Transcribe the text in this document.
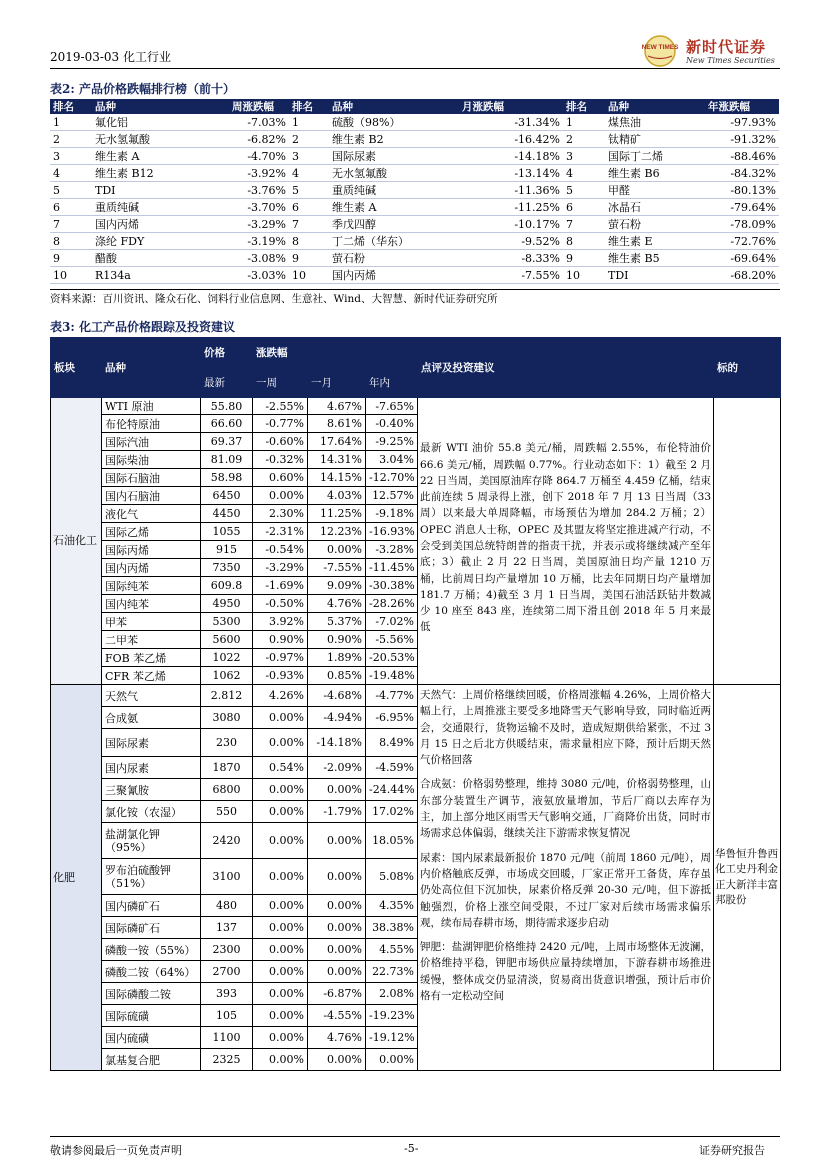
2019-03-03 化工行业
NEW TIMES 新时代证券
New Times Securities
表2: 产品价格跌幅排行榜（前十）
排名	品种	周涨跌幅	排名	品种	月涨跌幅	排名	品种	年涨跌幅
1	氟化铝	-7.03%	1	硫酸（98%）	-31.34%	1	煤焦油	-97.93%
2	无水氢氟酸	-6.82%	2	维生素 B2	-16.42%	2	钛精矿	-91.32%
3	维生素 A	-4.70%	3	国际尿素	-14.18%	3	国际丁二烯	-88.46%
4	维生素 B12	-3.92%	4	无水氢氟酸	-13.14%	4	维生素 B6	-84.32%
5	TDI	-3.76%	5	重质纯碱	-11.36%	5	甲醛	-80.13%
6	重质纯碱	-3.70%	6	维生素 A	-11.25%	6	冰晶石	-79.64%
7	国内丙烯	-3.29%	7	季戊四醇	-10.17%	7	萤石粉	-78.09%
8	涤纶 FDY	-3.19%	8	丁二烯（华东）	-9.52%	8	维生素 E	-72.76%
9	醋酸	-3.08%	9	萤石粉	-8.33%	9	维生素 B5	-69.64%
10	R134a	-3.03%	10	国内丙烯	-7.55%	10	TDI	-68.20%
资料来源：百川资讯、隆众石化、饲料行业信息网、生意社、Wind、大智慧、新时代证券研究所
表3: 化工产品价格跟踪及投资建议
板块	品种	价格	涨跌幅			点评及投资建议	标的
		最新	一周	一月	年内		
石油化工	WTI 原油	55.80	-2.55%	4.67%	-7.65%	最新 WTI 油价 55.8 美元/桶，周跌幅 2.55%，布伦特油价 66.6 美元/桶，周跌幅 0.77%。行业动态如下：1）截至 2 月 22 日当周，美国原油库存降 864.7 万桶至 4.459 亿桶，结束此前连续 5 周录得上涨，创下 2018 年 7 月 13 日当周（33 周）以来最大单周降幅，市场预估为增加 284.2 万桶；2）OPEC 消息人士称，OPEC 及其盟友将坚定推进减产行动，不会受到美国总统特朗普的指责干扰，并表示或将继续减产至年底；3）截止 2 月 22 日当周，美国原油日均产量 1210 万桶，比前周日均产量增加 10 万桶，比去年同期日均产量增加 181.7 万桶；4)截至 3 月 1 日当周，美国石油活跃钻井数减少 10 座至 843 座，连续第二周下滑且创 2018 年 5 月来最低	

	布伦特原油	66.60	-0.77%	8.61%	-0.40%		
	国际汽油	69.37	-0.60%	17.64%	-9.25%		
	国际柴油	81.09	-0.32%	14.31%	3.04%		
	国际石脑油	58.98	0.60%	14.15%	-12.70%		
	国内石脑油	6450	0.00%	4.03%	12.57%		
	液化气	4450	2.30%	11.25%	-9.18%		
	国际乙烯	1055	-2.31%	12.23%	-16.93%		
	国际丙烯	915	-0.54%	0.00%	-3.28%		
	国内丙烯	7350	-3.29%	-7.55%	-11.45%		
	国际纯苯	609.8	-1.69%	9.09%	-30.38%		
	国内纯苯	4950	-0.50%	4.76%	-28.26%		
	甲苯	5300	3.92%	5.37%	-7.02%		
	二甲苯	5600	0.90%	0.90%	-5.56%		
	FOB 苯乙烯	1022	-0.97%	1.89%	-20.53%		
	CFR 苯乙烯	1062	-0.93%	0.85%	-19.48%		
化肥	天然气	2.812	4.26%	-4.68%	-4.77%	天然气：上周价格继续回暖，价格周涨幅 4.26%，上周价格大幅上行，上周推涨主要受多地降雪天气影响导致，同时临近两会，交通限行，货物运输不及时，造成短期供给紧张，不过 3 月 15 日之后北方供暖结束，需求量相应下降，预计后期天然气价格回落

合成氨：价格弱势整理，维持 3080 元/吨，价格弱势整理，山东部分装置生产调节，液氨放量增加，节后厂商以去库存为主，加上部分地区雨雪天气影响交通，厂商降价出货，同时市场需求总体偏弱，继续关注下游需求恢复情况

尿素：国内尿素最新报价 1870 元/吨（前周 1860 元/吨），周内价格触底反弹，市场成交回暖，厂家正常开工备货，库存虽仍处高位但下沉加快，尿素价格反弹 20-30 元/吨，但下游抵触强烈，价格上涨空间受限，不过厂家对后续市场需求偏乐观，续布局春耕市场，期待需求逐步启动

钾肥：盐湖钾肥价格维持 2420 元/吨，上周市场整体无波澜，价格维持平稳，钾肥市场供应量持续增加，下游春耕市场推进缓慢，整体成交仍显清淡，贸易商出货意识增强，预计后市价格有一定松动空间	华鲁恒升鲁西化工史丹利金正大新洋丰富邦股份
	合成氨	3080	0.00%	-4.94%	-6.95%		
	国际尿素	230	0.00%	-14.18%	8.49%		
	国内尿素	1870	0.54%	-2.09%	-4.59%		
	三聚氰胺	6800	0.00%	0.00%	-24.44%		
	氯化铵（农湿）	550	0.00%	-1.79%	17.02%		
	盐湖氯化钾（95%）	2420	0.00%	0.00%	18.05%		
	罗布泊硫酸钾（51%）	3100	0.00%	0.00%	5.08%		
	国内磷矿石	480	0.00%	0.00%	4.35%		
	国际磷矿石	137	0.00%	0.00%	38.38%		
	磷酸一铵（55%）	2300	0.00%	0.00%	4.55%		
	磷酸二铵（64%）	2700	0.00%	0.00%	22.73%		
	国际磷酸二铵	393	0.00%	-6.87%	2.08%		
	国际硫磺	105	0.00%	-4.55%	-19.23%		
	国内硫磺	1100	0.00%	4.76%	-19.12%		
	氯基复合肥	2325	0.00%	0.00%	0.00%		
敬请参阅最后一页免责声明	-5-	证券研究报告
